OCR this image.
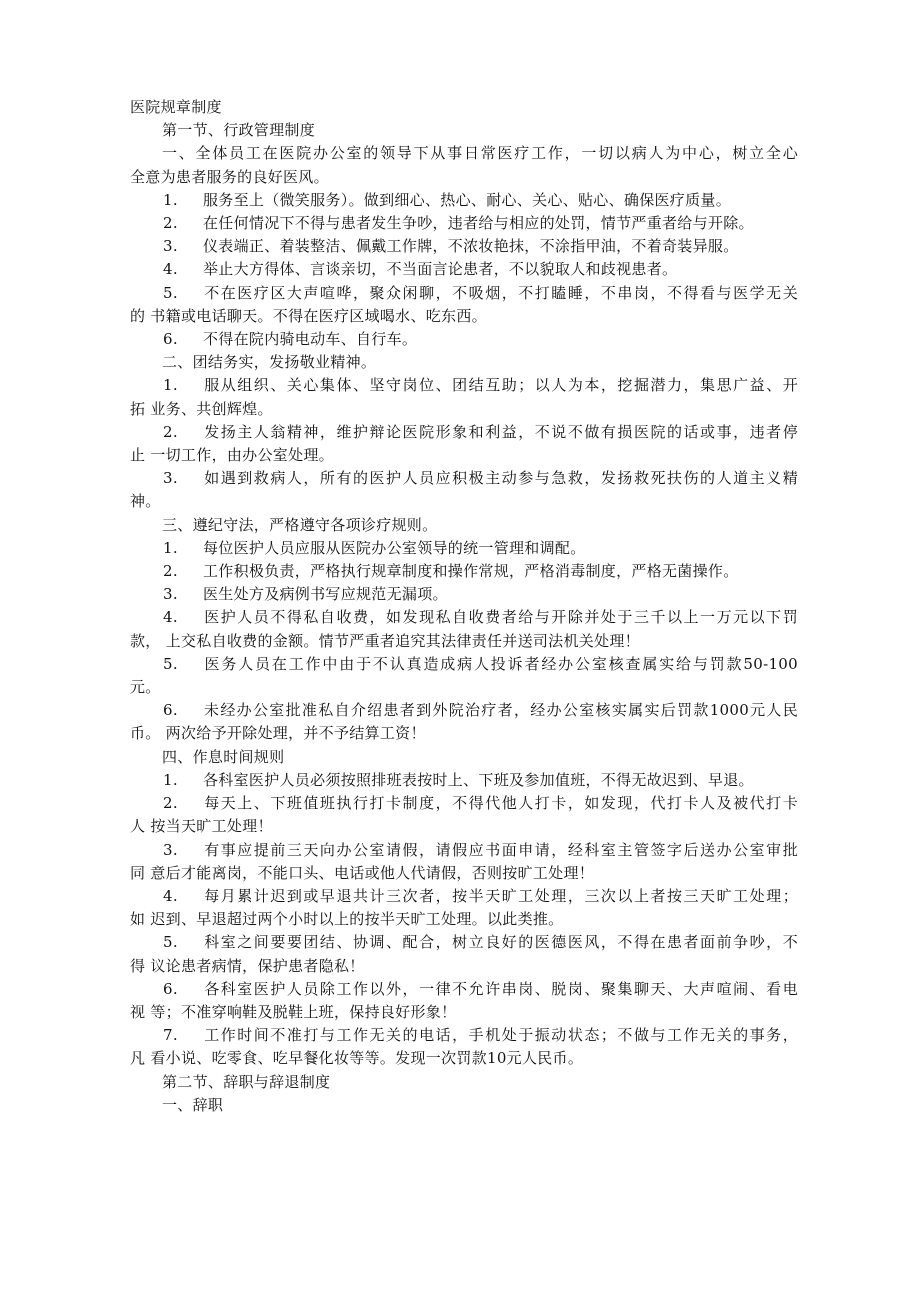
医院规章制度
第一节、行政管理制度
一、全体员工在医院办公室的领导下从事日常医疗工作，一切以病人为中心，树立全心
全意为患者服务的良好医风。
1. 服务至上（微笑服务）。做到细心、热心、耐心、关心、贴心、确保医疗质量。
2. 在任何情况下不得与患者发生争吵，违者给与相应的处罚，情节严重者给与开除。
3. 仪表端正、着装整洁、佩戴工作牌，不浓妆艳抹，不涂指甲油，不着奇装异服。
4. 举止大方得体、言谈亲切，不当面言论患者，不以貌取人和歧视患者。
5. 不在医疗区大声喧哗，聚众闲聊，不吸烟，不打瞌睡，不串岗，不得看与医学无关
的 书籍或电话聊天。不得在医疗区域喝水、吃东西。
6. 不得在院内骑电动车、自行车。
二、团结务实，发扬敬业精神。
1. 服从组织、关心集体、坚守岗位、团结互助；以人为本，挖掘潜力，集思广益、开
拓 业务、共创辉煌。
2. 发扬主人翁精神，维护辩论医院形象和利益，不说不做有损医院的话或事，违者停
止 一切工作，由办公室处理。
3. 如遇到救病人，所有的医护人员应积极主动参与急救，发扬救死扶伤的人道主义精
神。
三、遵纪守法，严格遵守各项诊疗规则。
1. 每位医护人员应服从医院办公室领导的统一管理和调配。
2. 工作积极负责，严格执行规章制度和操作常规，严格消毒制度，严格无菌操作。
3. 医生处方及病例书写应规范无漏项。
4. 医护人员不得私自收费，如发现私自收费者给与开除并处于三千以上一万元以下罚
款， 上交私自收费的金额。情节严重者追究其法律责任并送司法机关处理！
5. 医务人员在工作中由于不认真造成病人投诉者经办公室核查属实给与罚款50-100
元。
6. 未经办公室批准私自介绍患者到外院治疗者，经办公室核实属实后罚款1000元人民
币。 两次给予开除处理，并不予结算工资！
四、作息时间规则
1. 各科室医护人员必须按照排班表按时上、下班及参加值班，不得无故迟到、早退。
2. 每天上、下班值班执行打卡制度，不得代他人打卡，如发现，代打卡人及被代打卡
人 按当天旷工处理！
3. 有事应提前三天向办公室请假，请假应书面申请，经科室主管签字后送办公室审批
同 意后才能离岗，不能口头、电话或他人代请假，否则按旷工处理！
4. 每月累计迟到或早退共计三次者，按半天旷工处理，三次以上者按三天旷工处理；
如 迟到、早退超过两个小时以上的按半天旷工处理。以此类推。
5. 科室之间要要团结、协调、配合，树立良好的医德医风，不得在患者面前争吵，不
得 议论患者病情，保护患者隐私！
6. 各科室医护人员除工作以外，一律不允许串岗、脱岗、聚集聊天、大声喧闹、看电
视 等；不准穿响鞋及脱鞋上班，保持良好形象！
7. 工作时间不准打与工作无关的电话，手机处于振动状态；不做与工作无关的事务，
凡 看小说、吃零食、吃早餐化妆等等。发现一次罚款10元人民币。
第二节、辞职与辞退制度
一、辞职
